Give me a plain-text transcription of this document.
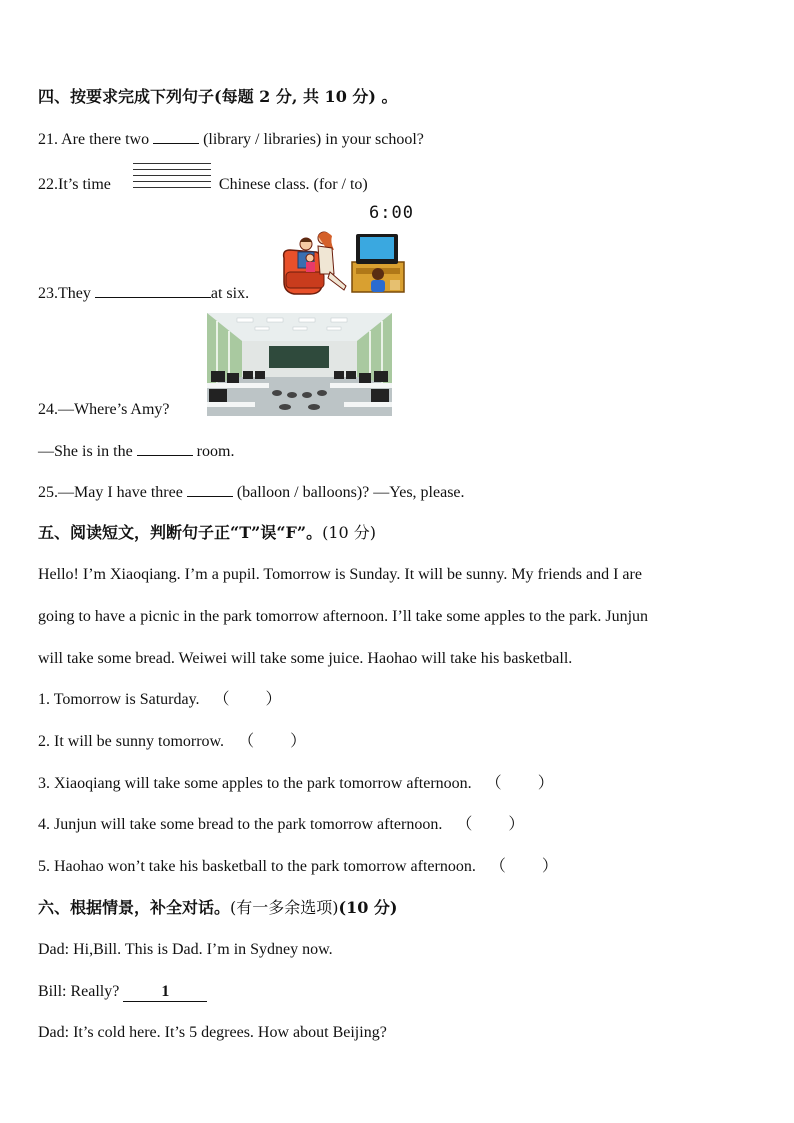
四、按要求完成下列句子(每题 2 分, 共 10 分) 。
21. Are there two	(library / libraries) in your school?
22.It’s time	Chinese class. (for / to)
6:00
23.They	at six.
24.—Where’s Amy?
—She is in the	room.
25.—May I have three	(balloon / balloons)? —Yes, please.
五、阅读短文，判断句子正“T”误“F”。(10 分)
Hello! I’m Xiaoqiang. I’m a pupil. Tomorrow is Sunday. It will be sunny. My friends and I are
going to have a picnic in the park tomorrow afternoon. I’ll take some apples to the park. Junjun
will take some bread. Weiwei will take some juice. Haohao will take his basketball.
1. Tomorrow is Saturday. （ ）
2. It will be sunny tomorrow. （ ）
3. Xiaoqiang will take some apples to the park tomorrow afternoon. （ ）
4. Junjun will take some bread to the park tomorrow afternoon. （ ）
5. Haohao won’t take his basketball to the park tomorrow afternoon. （ ）
六、根据情景，补全对话。(有一多余选项)(10 分)
Dad: Hi,Bill. This is Dad. I’m in Sydney now.
Bill: Really? 1
Dad: It’s cold here. It’s 5 degrees. How about Beijing?
